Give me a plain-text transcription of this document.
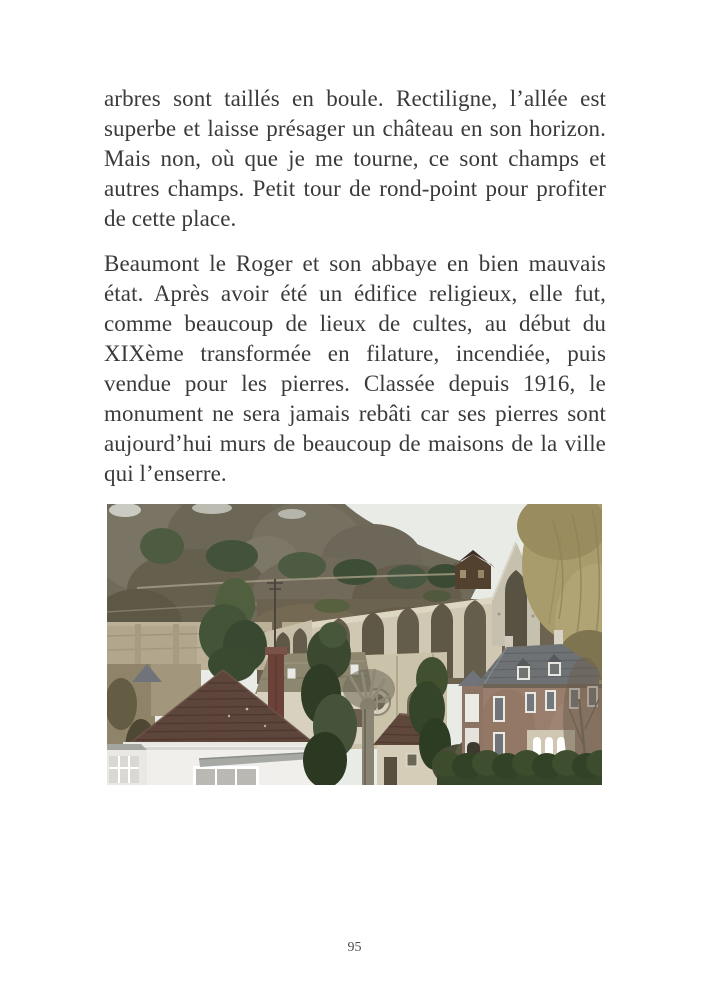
arbres sont taillés en boule. Rectiligne, l’allée est superbe et laisse présager un château en son horizon. Mais non, où que je me tourne, ce sont champs et autres champs. Petit tour de rond-point pour profiter de cette place.

Beaumont le Roger et son abbaye en bien mauvais état. Après avoir été un édifice religieux, elle fut, comme beaucoup de lieux de cultes, au début du XIXème transformée en filature, incendiée, puis vendue pour les pierres. Classée depuis 1916, le monument ne sera jamais rebâti car ses pierres sont aujourd’hui murs de beaucoup de maisons de la ville qui l’enserre.

95
